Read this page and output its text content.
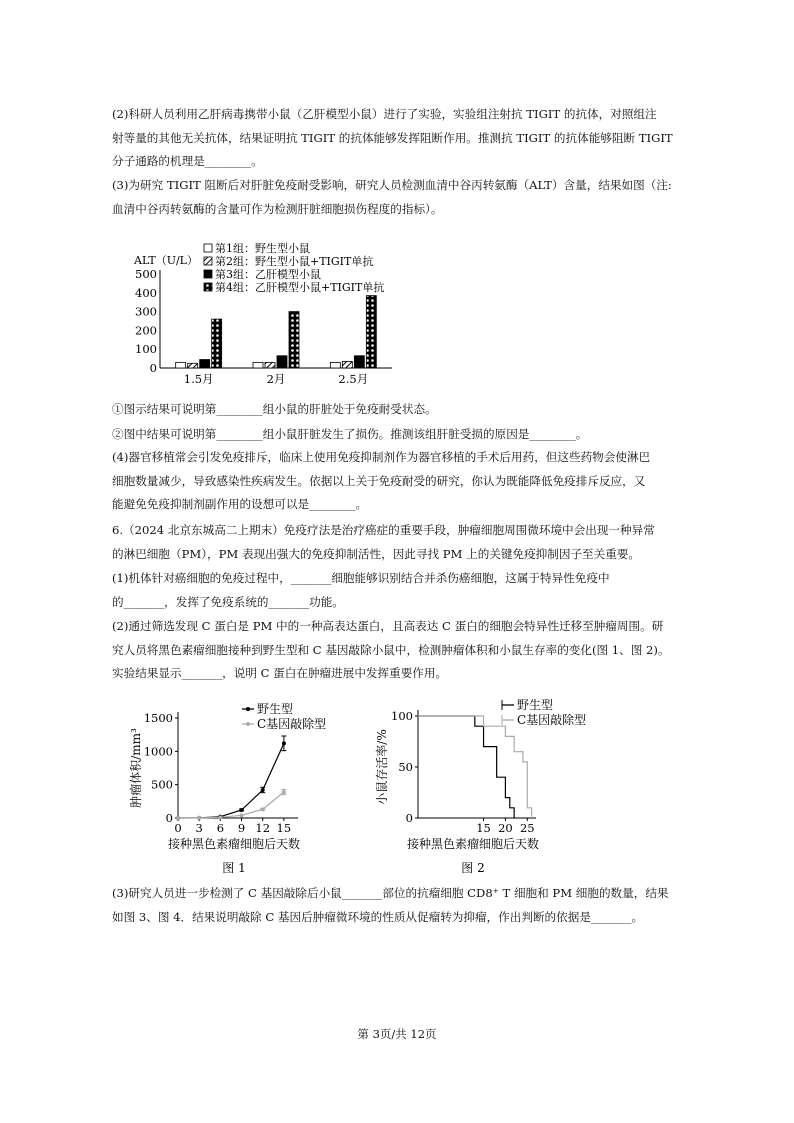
(2)科研人员利用乙肝病毒携带小鼠（乙肝模型小鼠）进行了实验，实验组注射抗 TIGIT 的抗体，对照组注
射等量的其他无关抗体，结果证明抗 TIGIT 的抗体能够发挥阻断作用。推测抗 TIGIT 的抗体能够阻断 TIGIT
分子通路的机理是________。
(3)为研究 TIGIT 阻断后对肝脏免疫耐受影响，研究人员检测血清中谷丙转氨酶（ALT）含量，结果如图（注:
血清中谷丙转氨酶的含量可作为检测肝脏细胞损伤程度的指标）。
ALT（U/L）
0
100
200
300
400
500
1.5月	2月	2.5月
第1组：野生型小鼠
第2组：野生型小鼠+TIGIT单抗
第3组：乙肝模型小鼠
第4组：乙肝模型小鼠+TIGIT单抗
①图示结果可说明第________组小鼠的肝脏处于免疫耐受状态。
②图中结果可说明第________组小鼠肝脏发生了损伤。推测该组肝脏受损的原因是________。
(4)器官移植常会引发免疫排斥，临床上使用免疫抑制剂作为器官移植的手术后用药，但这些药物会使淋巴
细胞数量减少，导致感染性疾病发生。依据以上关于免疫耐受的研究，你认为既能降低免疫排斥反应，又
能避免免疫抑制剂副作用的设想可以是________。
6.（2024 北京东城高二上期末）免疫疗法是治疗癌症的重要手段，肿瘤细胞周围微环境中会出现一种异常
的淋巴细胞（PM），PM 表现出强大的免疫抑制活性，因此寻找 PM 上的关键免疫抑制因子至关重要。
(1)机体针对癌细胞的免疫过程中，_______细胞能够识别结合并杀伤癌细胞，这属于特异性免疫中
的_______，发挥了免疫系统的_______功能。
(2)通过筛选发现 C 蛋白是 PM 中的一种高表达蛋白，且高表达 C 蛋白的细胞会特异性迁移至肿瘤周围。研
究人员将黑色素瘤细胞接种到野生型和 C 基因敲除小鼠中，检测肿瘤体积和小鼠生存率的变化(图 1、图 2)。
实验结果显示_______，说明 C 蛋白在肿瘤进展中发挥重要作用。
0
500
1000
1500
0 3 6 9 12 15
接种黑色素瘤细胞后天数
图 1
肿瘤体积/mm³
野生型
C基因敲除型
0
50
100
15 20 25
接种黑色素瘤细胞后天数
图 2
小鼠存活率/%
野生型
C基因敲除型
(3)研究人员进一步检测了 C 基因敲除后小鼠_______部位的抗瘤细胞 CD8⁺ T 细胞和 PM 细胞的数量，结果
如图 3、图 4．结果说明敲除 C 基因后肿瘤微环境的性质从促瘤转为抑瘤，作出判断的依据是_______。
第 3页/共 12页
